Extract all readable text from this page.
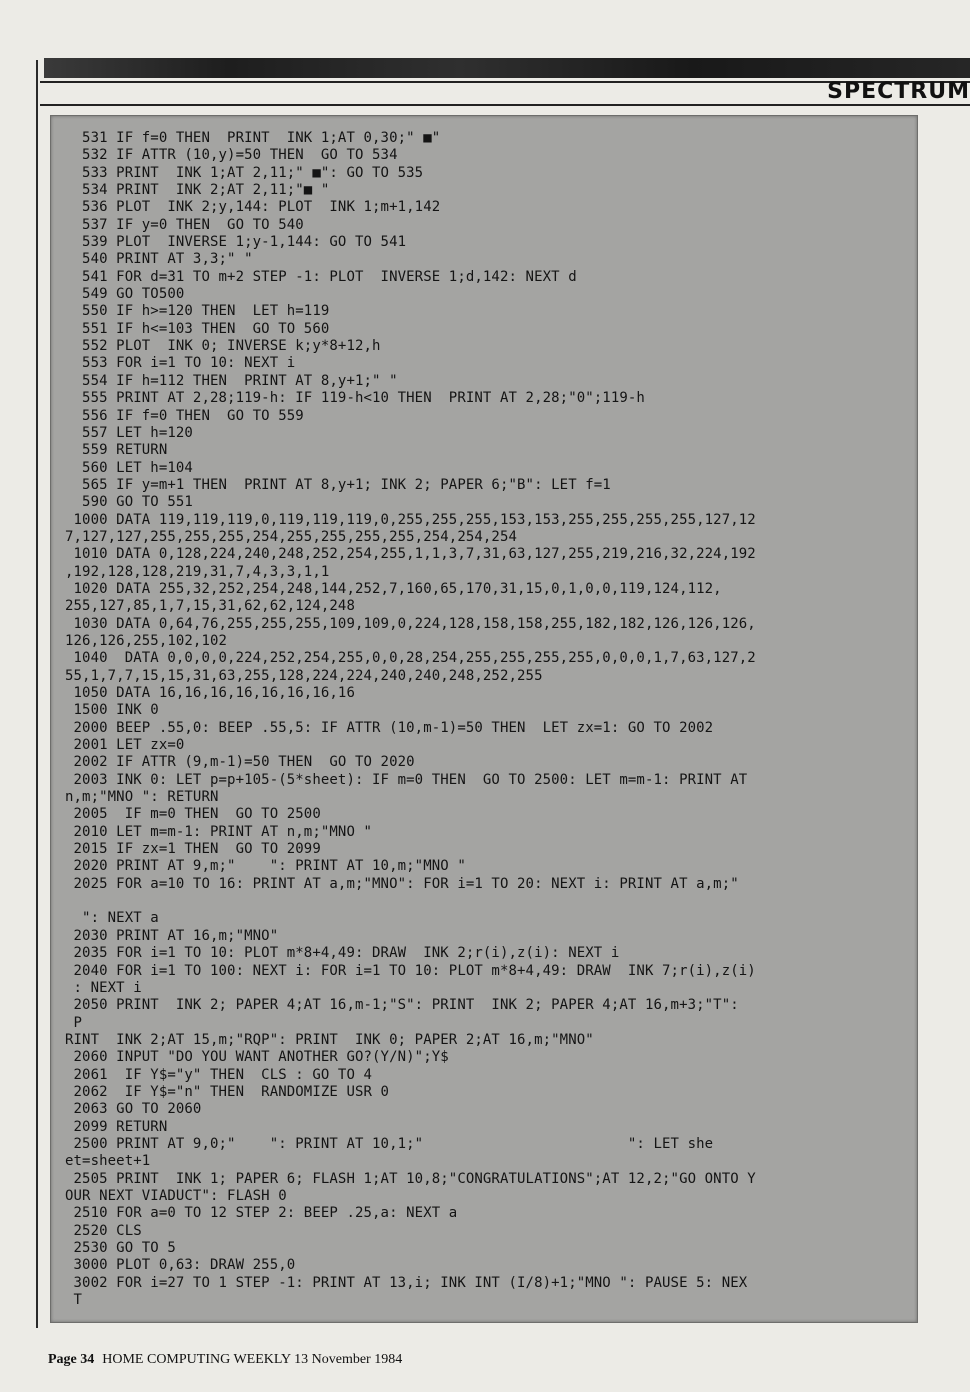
SPECTRUM
531 IF f=0 THEN  PRINT  INK 1;AT 0,30;" ■"
532 IF ATTR (10,y)=50 THEN  GO TO 534
533 PRINT  INK 1;AT 2,11;" ■": GO TO 535
534 PRINT  INK 2;AT 2,11;"■ "
536 PLOT  INK 2;y,144: PLOT  INK 1;m+1,142
537 IF y=0 THEN  GO TO 540
539 PLOT  INVERSE 1;y-1,144: GO TO 541
540 PRINT AT 3,3;" "
541 FOR d=31 TO m+2 STEP -1: PLOT  INVERSE 1;d,142: NEXT d
549 GO TO500
550 IF h>=120 THEN  LET h=119
551 IF h<=103 THEN  GO TO 560
552 PLOT  INK 0; INVERSE k;y*8+12,h
553 FOR i=1 TO 10: NEXT i
554 IF h=112 THEN  PRINT AT 8,y+1;" "
555 PRINT AT 2,28;119-h: IF 119-h<10 THEN  PRINT AT 2,28;"0";119-h
556 IF f=0 THEN  GO TO 559
557 LET h=120
559 RETURN
560 LET h=104
565 IF y=m+1 THEN  PRINT AT 8,y+1; INK 2; PAPER 6;"B": LET f=1
590 GO TO 551
1000 DATA 119,119,119,0,119,119,119,0,255,255,255,153,153,255,255,255,255,127,12
7,127,127,255,255,255,254,255,255,255,255,254,254,254
1010 DATA 0,128,224,240,248,252,254,255,1,1,3,7,31,63,127,255,219,216,32,224,192
,192,128,128,219,31,7,4,3,3,1,1
1020 DATA 255,32,252,254,248,144,252,7,160,65,170,31,15,0,1,0,0,119,124,112,
255,127,85,1,7,15,31,62,62,124,248
1030 DATA 0,64,76,255,255,255,109,109,0,224,128,158,158,255,182,182,126,126,126,
126,126,255,102,102
1040  DATA 0,0,0,0,224,252,254,255,0,0,28,254,255,255,255,255,0,0,0,1,7,63,127,2
55,1,7,7,15,15,31,63,255,128,224,224,240,240,248,252,255
1050 DATA 16,16,16,16,16,16,16,16
1500 INK 0
2000 BEEP .55,0: BEEP .55,5: IF ATTR (10,m-1)=50 THEN  LET zx=1: GO TO 2002
2001 LET zx=0
2002 IF ATTR (9,m-1)=50 THEN  GO TO 2020
2003 INK 0: LET p=p+105-(5*sheet): IF m=0 THEN  GO TO 2500: LET m=m-1: PRINT AT
n,m;"MNO ": RETURN
2005  IF m=0 THEN  GO TO 2500
2010 LET m=m-1: PRINT AT n,m;"MNO "
2015 IF zx=1 THEN  GO TO 2099
2020 PRINT AT 9,m;"    ": PRINT AT 10,m;"MNO "
2025 FOR a=10 TO 16: PRINT AT a,m;"MNO": FOR i=1 TO 20: NEXT i: PRINT AT a,m;"
": NEXT a
2030 PRINT AT 16,m;"MNO"
2035 FOR i=1 TO 10: PLOT m*8+4,49: DRAW  INK 2;r(i),z(i): NEXT i
2040 FOR i=1 TO 100: NEXT i: FOR i=1 TO 10: PLOT m*8+4,49: DRAW  INK 7;r(i),z(i)
: NEXT i
2050 PRINT  INK 2; PAPER 4;AT 16,m-1;"S": PRINT  INK 2; PAPER 4;AT 16,m+3;"T":
P
RINT  INK 2;AT 15,m;"RQP": PRINT  INK 0; PAPER 2;AT 16,m;"MNO"
2060 INPUT "DO YOU WANT ANOTHER GO?(Y/N)";Y$
2061  IF Y$="y" THEN  CLS : GO TO 4
2062  IF Y$="n" THEN  RANDOMIZE USR 0
2063 GO TO 2060
2099 RETURN
2500 PRINT AT 9,0;"    ": PRINT AT 10,1;"                        ": LET she
et=sheet+1
2505 PRINT  INK 1; PAPER 6; FLASH 1;AT 10,8;"CONGRATULATIONS";AT 12,2;"GO ONTO Y
OUR NEXT VIADUCT": FLASH 0
2510 FOR a=0 TO 12 STEP 2: BEEP .25,a: NEXT a
2520 CLS
2530 GO TO 5
3000 PLOT 0,63: DRAW 255,0
3002 FOR i=27 TO 1 STEP -1: PRINT AT 13,i; INK INT (I/8)+1;"MNO ": PAUSE 5: NEX
T
Page 34 HOME COMPUTING WEEKLY 13 November 1984
